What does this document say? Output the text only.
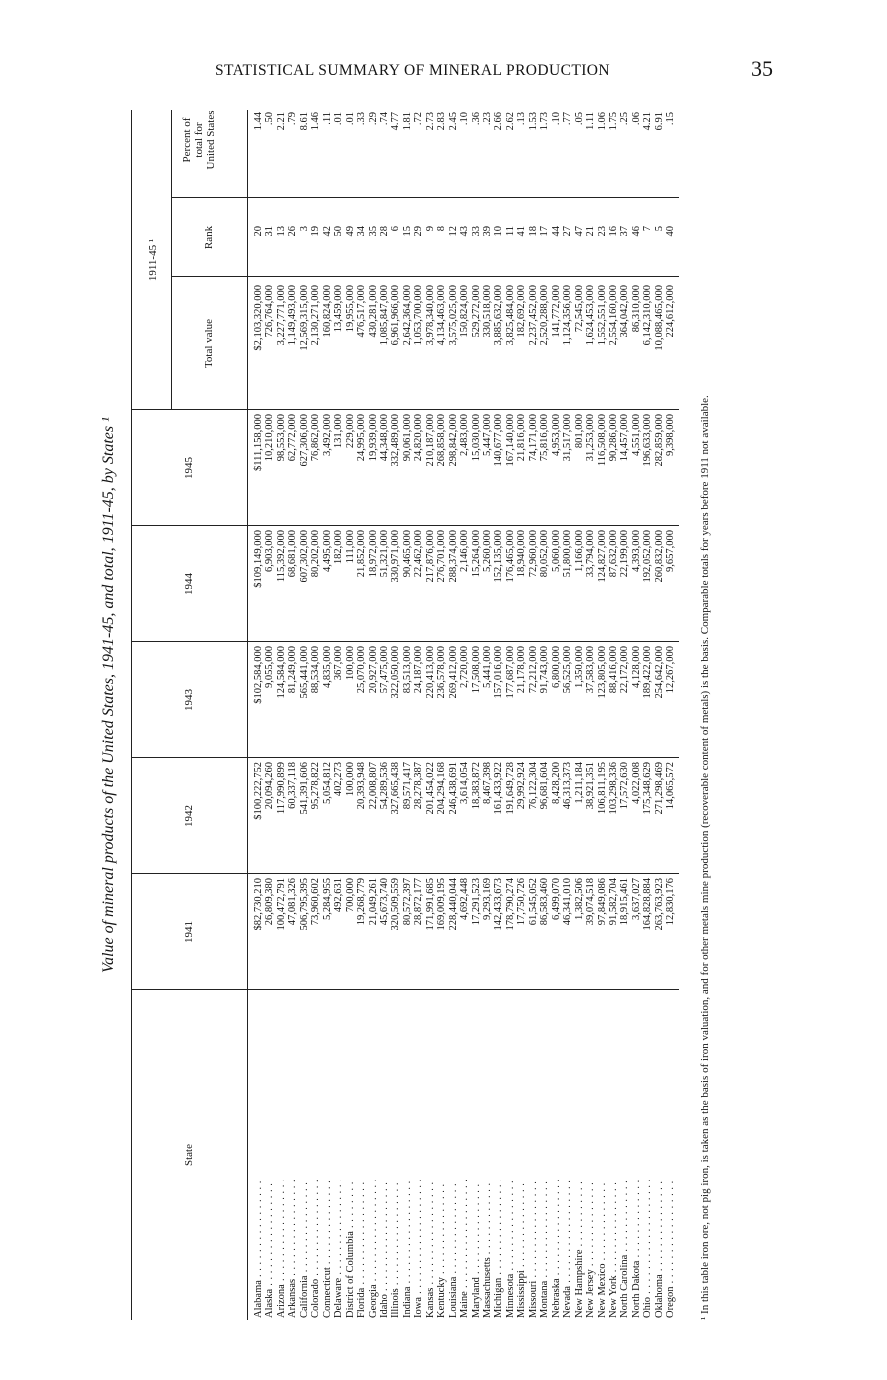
STATISTICAL SUMMARY OF MINERAL PRODUCTION	35
Value of mineral products of the United States, 1941-45, and total, 1911-45, by States ¹
State
1941
1942
1943
1944
1945
1911-45 ¹
Total value
Rank
Percent of total for United States
Alabama . . .
$82,730,210
$100,222,752
$102,584,000
$109,149,000
$111,158,000
$2,103,320,000
20
1.44
Alaska . . .
26,809,380
20,094,260
9,055,000
6,903,000
10,210,000
726,764,000
31
.50
Arizona . . .
100,472,791
117,990,899
124,584,000
115,392,000
98,553,000
3,227,771,000
13
2.21
Arkansas . . .
47,081,326
60,337,118
81,249,000
68,681,000
62,772,000
1,149,493,000
26
.79
California . . .
506,795,395
541,391,606
565,441,000
607,302,000
627,306,000
12,569,315,000
3
8.61
Colorado . . .
73,960,602
95,278,822
88,534,000
80,202,000
76,862,000
2,130,271,000
19
1.46
Connecticut . . .
5,284,955
5,054,812
4,835,000
4,495,000
3,492,000
160,824,000
42
.11
Delaware . . .
492,631
402,273
367,000
182,000
131,000
13,459,000
50
.01
District of Columbia . . .
700,000
100,000
100,000
111,000
229,000
19,955,000
49
.01
Florida . . .
19,268,779
20,393,948
25,070,000
21,852,000
24,995,000
476,517,000
34
.33
Georgia . . .
21,049,261
22,008,807
20,927,000
18,972,000
19,939,000
430,281,000
35
.29
Idaho . . .
45,673,740
54,289,536
57,475,000
51,321,000
44,348,000
1,085,847,000
28
.74
Illinois . . .
320,509,559
327,665,438
322,050,000
330,971,000
332,489,000
6,961,966,000
6
4.77
Indiana . . .
80,572,397
89,571,417
83,513,000
90,465,000
90,061,000
2,642,364,000
15
1.81
Iowa . . .
28,872,177
28,278,387
24,187,000
22,462,000
24,820,000
1,053,700,000
29
.72
Kansas . . .
171,991,685
201,454,022
220,413,000
217,876,000
210,187,000
3,978,340,000
9
2.73
Kentucky . . .
169,009,195
204,294,168
236,578,000
276,701,000
268,858,000
4,134,463,000
8
2.83
Louisiana . . .
228,440,044
246,438,691
269,412,000
288,374,000
298,842,000
3,575,025,000
12
2.45
Maine . . .
4,692,448
3,614,054
2,720,000
2,146,000
2,483,000
150,824,000
43
.10
Maryland . . .
17,291,523
18,383,872
17,508,000
15,264,000
15,030,000
529,272,000
33
.36
Massachusetts . . .
9,293,169
8,467,398
5,441,000
5,260,000
5,447,000
330,518,000
39
.23
Michigan . . .
142,433,673
161,433,922
157,016,000
152,135,000
140,677,000
3,885,632,000
10
2.66
Minnesota . . .
178,790,274
191,649,728
177,687,000
176,465,000
167,140,000
3,825,484,000
11
2.62
Mississippi . . .
17,750,726
29,992,924
21,178,000
18,940,000
21,816,000
182,692,000
41
.13
Missouri . . .
61,545,052
76,122,304
72,212,000
72,960,000
74,171,000
2,237,452,000
18
1.53
Montana . . .
86,583,460
96,681,604
91,743,000
80,052,000
75,816,000
2,520,288,000
17
1.73
Nebraska . . .
6,499,070
8,428,200
6,800,000
5,060,000
4,953,000
141,772,000
44
.10
Nevada . . .
46,341,010
46,313,373
56,525,000
51,800,000
31,517,000
1,124,356,000
27
.77
New Hampshire . . .
1,382,506
1,211,184
1,350,000
1,166,000
801,000
72,545,000
47
.05
New Jersey . . .
39,074,518
38,921,351
37,583,000
33,794,000
31,253,000
1,624,453,000
21
1.11
New Mexico . . .
97,849,086
106,811,195
123,805,000
124,827,000
116,508,000
1,552,551,000
23
1.06
New York . . .
91,582,704
103,298,336
88,416,000
87,632,000
90,286,000
2,554,160,000
16
1.75
North Carolina . . .
18,915,461
17,572,630
22,172,000
22,199,000
14,457,000
364,042,000
37
.25
North Dakota . . .
3,637,027
4,022,008
4,128,000
4,393,000
4,551,000
86,310,000
46
.06
Ohio . . .
164,828,884
175,348,629
189,422,000
192,052,000
196,633,000
6,142,310,000
7
4.21
Oklahoma . . .
263,763,923
271,298,469
254,642,000
260,832,000
282,859,000
10,088,465,000
5
6.91
Oregon . . .
12,830,176
14,065,572
12,267,000
9,657,000
9,398,000
224,612,000
40
.15
¹ In this table iron ore, not pig iron, is taken as the basis of iron valuation, and for other metals mine production (recoverable content of metals) is the basis. Comparable totals for years before 1911 not available.
